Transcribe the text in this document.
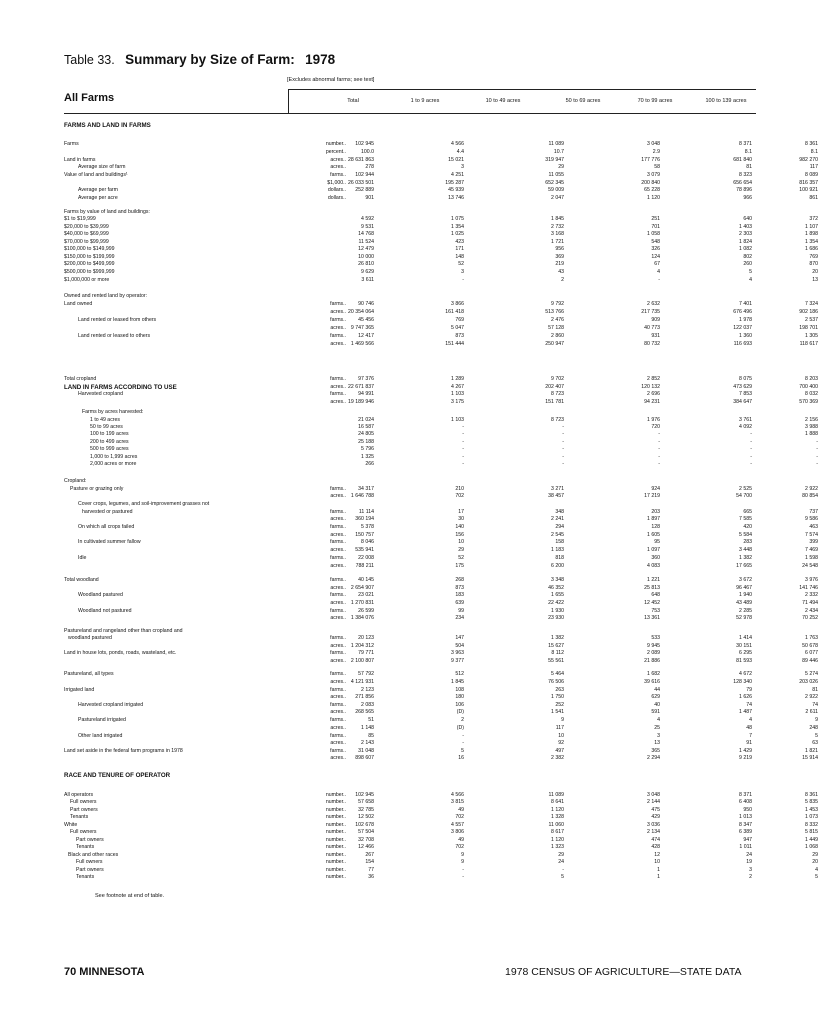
Table 33. Summary by Size of Farm: 1978
[Excludes abnormal farms; see text]
All Farms	Total	1 to 9 acres	10 to 49 acres	50 to 69 acres	70 to 99 acres	100 to 139 acres
FARMS AND LAND IN FARMS
LAND IN FARMS ACCORDING TO USE
RACE AND TENURE OF OPERATOR
Farms	number..	102 945	4 566	11 089	3 048	8 371	8 361
percent..	100.0	4.4	10.7	2.9	8.1	8.1
Land in farms	acres.. 28 631 863	15 021	319 947	177 776	681 840	982 270
Average size of farm	acres..	278	3	29	58	81	117
Value of land and buildings¹	farms..	102 944	4 251	11 055	3 079	8 323	8 089
$1,000.. 26 033 501	195 287	652 345	200 840	656 654	816 357
Average per farm	dollars..	252 889	45 939	59 009	65 228	78 896	100 921
Average per acre	dollars..	901	13 746	2 047	1 120	966	861
Farms by value of land and buildings:
$1 to $19,999	4 592	1 075	1 845	251	640	372
$20,000 to $39,999	9 531	1 354	2 732	701	1 403	1 107
$40,000 to $69,999	14 768	1 025	3 168	1 058	2 303	1 898
$70,000 to $99,999	11 524	423	1 721	548	1 824	1 354
$100,000 to $149,999	12 479	171	956	326	1 082	1 686
$150,000 to $199,999	10 000	148	369	124	802	769
$200,000 to $499,999	26 810	52	219	67	260	870
$500,000 to $999,999	9 629	3	43	4	5	20
$1,000,000 or more	3 611	-	2	-	4	13
Owned and rented land by operator:
Land owned	farms..	90 746	3 866	9 792	2 632	7 401	7 324
acres.. 20 354 064	161 418	513 766	217 735	676 496	902 186
Land rented or leased from others	farms..	45 456	769	2 476	909	1 978	2 537
acres.. 9 747 365	5 047	57 128	40 773	122 037	198 701
Land rented or leased to others	farms..	12 417	873	2 860	931	1 360	1 305
acres.. 1 469 566	151 444	250 947	80 732	116 693	118 617
Total cropland	farms..	97 376	1 289	9 702	2 852	8 075	8 203
acres.. 22 671 837	4 267	202 407	120 132	473 629	700 400
Harvested cropland	farms..	94 991	1 103	8 723	2 696	7 853	8 032
acres.. 19 189 946	3 175	151 781	94 231	384 647	570 369
Farms by acres harvested:
1 to 49 acres	21 024	1 103	8 723	1 976	3 761	2 156
50 to 99 acres	16 587	-	-	720	4 092	3 988
100 to 199 acres	24 805	-	-	-	-	1 888
200 to 499 acres	25 188	-	-	-	-	-
500 to 999 acres	5 796	-	-	-	-	-
1,000 to 1,999 acres	1 325	-	-	-	-	-
2,000 acres or more	266	-	-	-	-	-
Cropland:
Pasture or grazing only	farms..	34 317	210	3 271	924	2 525	2 922
acres.. 1 646 788	702	38 457	17 219	54 700	80 854
Cover crops, legumes, and soil-improvement grasses not
harvested or pastured	farms..	11 114	17	348	203	665	737
acres..	360 194	30	2 241	1 897	7 585	9 586
On which all crops failed	farms..	5 378	140	294	128	420	463
acres..	150 757	156	2 545	1 605	5 584	7 574
In cultivated summer fallow	farms..	8 046	10	158	95	283	399
acres..	535 941	29	1 183	1 097	3 448	7 469
Idle	farms..	22 008	52	818	360	1 382	1 598
acres..	788 211	175	6 200	4 083	17 665	24 548
Total woodland	farms..	40 145	268	3 348	1 221	3 672	3 976
acres.. 2 654 907	873	46 352	25 813	96 467	141 746
Woodland pastured	farms..	23 021	183	1 655	648	1 940	2 332
acres.. 1 270 831	639	22 422	12 452	43 489	71 494
Woodland not pastured	farms..	26 599	99	1 930	753	2 285	2 434
acres.. 1 384 076	234	23 930	13 361	52 978	70 252
Pastureland and rangeland other than cropland and
woodland pastured	farms..	20 123	147	1 382	533	1 414	1 763
acres.. 1 204 312	504	15 627	9 945	30 151	50 678
Land in house lots, ponds, roads, wasteland, etc.	farms..	79 771	3 963	8 112	2 089	6 295	6 077
acres.. 2 100 807	9 377	55 561	21 886	81 593	89 446
Pastureland, all types	farms..	57 792	512	5 464	1 682	4 672	5 274
acres.. 4 121 931	1 845	76 506	39 616	128 340	203 026
Irrigated land	farms..	2 123	108	263	44	79	81
acres..	271 856	180	1 750	629	1 626	2 922
Harvested cropland irrigated	farms..	2 083	106	252	40	74	74
acres..	268 565	(D)	1 541	591	1 487	2 611
Pastureland irrigated	farms..	51	2	9	4	4	9
acres..	1 148	(D)	117	25	48	248
Other land irrigated	farms..	85	-	10	3	7	5
acres..	2 143	-	92	13	91	63
Land set aside in the federal farm programs in 1978	farms..	31 048	5	497	365	1 429	1 821
acres..	898 607	16	2 382	2 294	9 219	15 914
All operators	number..	102 945	4 566	11 089	3 048	8 371	8 361
Full owners	number..	57 658	3 815	8 641	2 144	6 408	5 835
Part owners	number..	32 785	49	1 120	475	950	1 453
Tenants	number..	12 502	702	1 328	429	1 013	1 073
White	number..	102 678	4 557	11 060	3 036	8 347	8 332
Full owners	number..	57 504	3 806	8 617	2 134	6 389	5 815
Part owners	number..	32 708	49	1 120	474	947	1 449
Tenants	number..	12 466	702	1 323	428	1 011	1 068
Black and other races	number..	267	9	29	12	24	29
Full owners	number..	154	9	24	10	19	20
Part owners	number..	77	-	-	1	3	4
Tenants	number..	36	-	5	1	2	5
See footnote at end of table.
70 MINNESOTA	1978 CENSUS OF AGRICULTURE—STATE DATA
